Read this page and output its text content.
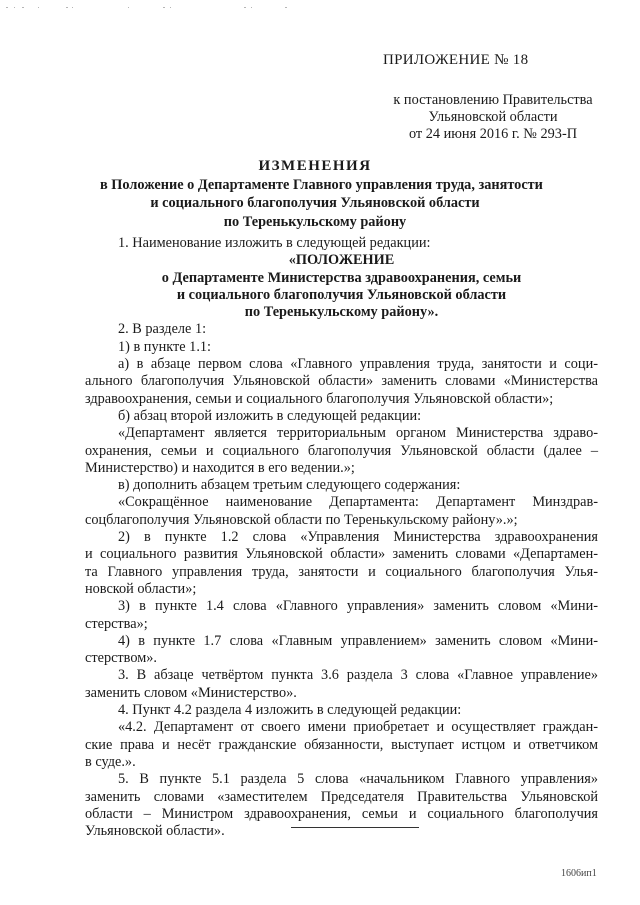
ПРИЛОЖЕНИЕ № 18
к постановлению Правительства
Ульяновской области
от 24 июня 2016 г. № 293-П
ИЗМЕНЕНИЯ
в Положение о Департаменте Главного управления труда, занятости
и социального благополучия Ульяновской области
по Теренькульскому району
1. Наименование изложить в следующей редакции:
«ПОЛОЖЕНИЕ
о Департаменте Министерства здравоохранения, семьи
и социального благополучия Ульяновской области
по Теренькульскому району».
2. В разделе 1:
1) в пункте 1.1:
а) в абзаце первом слова «Главного управления труда, занятости и соци-
ального благополучия Ульяновской области» заменить словами «Министерства
здравоохранения, семьи и социального благополучия Ульяновской области»;
б) абзац второй изложить в следующей редакции:
«Департамент является территориальным органом Министерства здраво-
охранения, семьи и социального благополучия Ульяновской области (далее –
Министерство) и находится в его ведении.»;
в) дополнить абзацем третьим следующего содержания:
«Сокращённое наименование Департамента: Департамент Минздрав-
соцблагополучия Ульяновской области по Теренькульскому району».»;
2) в пункте 1.2 слова «Управления Министерства здравоохранения
и социального развития Ульяновской области» заменить словами «Департамен-
та Главного управления труда, занятости и социального благополучия Улья-
новской области»;
3) в пункте 1.4 слова «Главного управления» заменить словом «Мини-
стерства»;
4) в пункте 1.7 слова «Главным управлением» заменить словом «Мини-
стерством».
3. В абзаце четвёртом пункта 3.6 раздела 3 слова «Главное управление»
заменить словом «Министерство».
4. Пункт 4.2 раздела 4 изложить в следующей редакции:
«4.2. Департамент от своего имени приобретает и осуществляет граждан-
ские права и несёт гражданские обязанности, выступает истцом и ответчиком
в суде.».
5. В пункте 5.1 раздела 5 слова «начальником Главного управления»
заменить словами «заместителем Председателя Правительства Ульяновской
области – Министром здравоохранения, семьи и социального благополучия
Ульяновской области».
1606ип1
